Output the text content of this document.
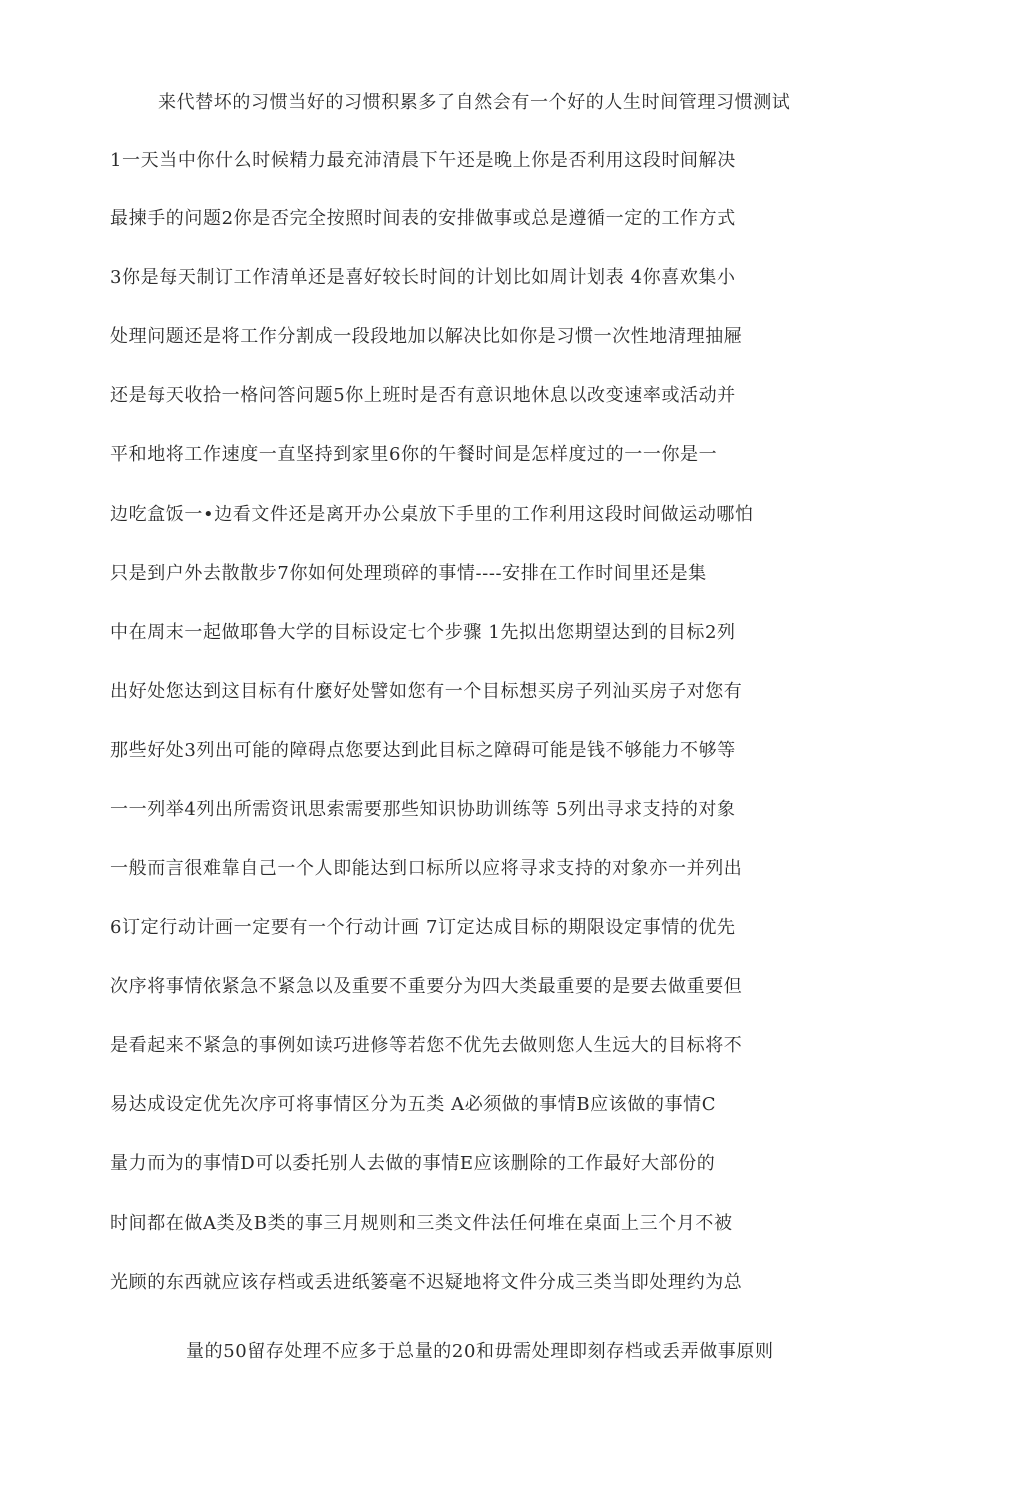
来代替坏的习惯当好的习惯积累多了自然会有一个好的人生时间管理习惯测试
1一天当中你什么时候精力最充沛清晨下午还是晚上你是否利用这段时间解决
最揀手的问题2你是否完全按照时间表的安排做事或总是遵循一定的工作方式
3你是每天制订工作清单还是喜好较长时间的计划比如周计划表 4你喜欢集小
处理问题还是将工作分割成一段段地加以解决比如你是习惯一次性地清理抽屜
还是每天收拾一格问答问题5你上班时是否有意识地休息以改变速率或活动并
平和地将工作速度一直坚持到家里6你的午餐时间是怎样度过的一一你是一
边吃盒饭一•边看文件还是离开办公桌放下手里的工作利用这段时间做运动哪怕
只是到户外去散散步7你如何处理琐碎的事情----安排在工作时间里还是集
中在周末一起做耶鲁大学的目标设定七个步骤 1先拟出您期望达到的目标2列
出好处您达到这目标有什麼好处譬如您有一个目标想买房子列汕买房子对您有
那些好处3列出可能的障碍点您要达到此目标之障碍可能是钱不够能力不够等
一一列举4列出所需资讯思索需要那些知识协助训练等 5列出寻求支持的对象
一般而言很难靠自己一个人即能达到口标所以应将寻求支持的对象亦一并列出
6订定行动计画一定要有一个行动计画 7订定达成目标的期限设定事情的优先
次序将事情依紧急不紧急以及重要不重要分为四大类最重要的是要去做重要但
是看起来不紧急的事例如读巧进修等若您不优先去做则您人生远大的目标将不
易达成设定优先次序可将事情区分为五类 A必须做的事情B应该做的事情C
量力而为的事情D可以委托别人去做的事情E应该删除的工作最好大部份的
时间都在做A类及B类的事三月规则和三类文件法任何堆在桌面上三个月不被
光顾的东西就应该存档或丢进纸篓毫不迟疑地将文件分成三类当即处理约为总
量的50留存处理不应多于总量的20和毋需处理即刻存档或丢弄做事原则
